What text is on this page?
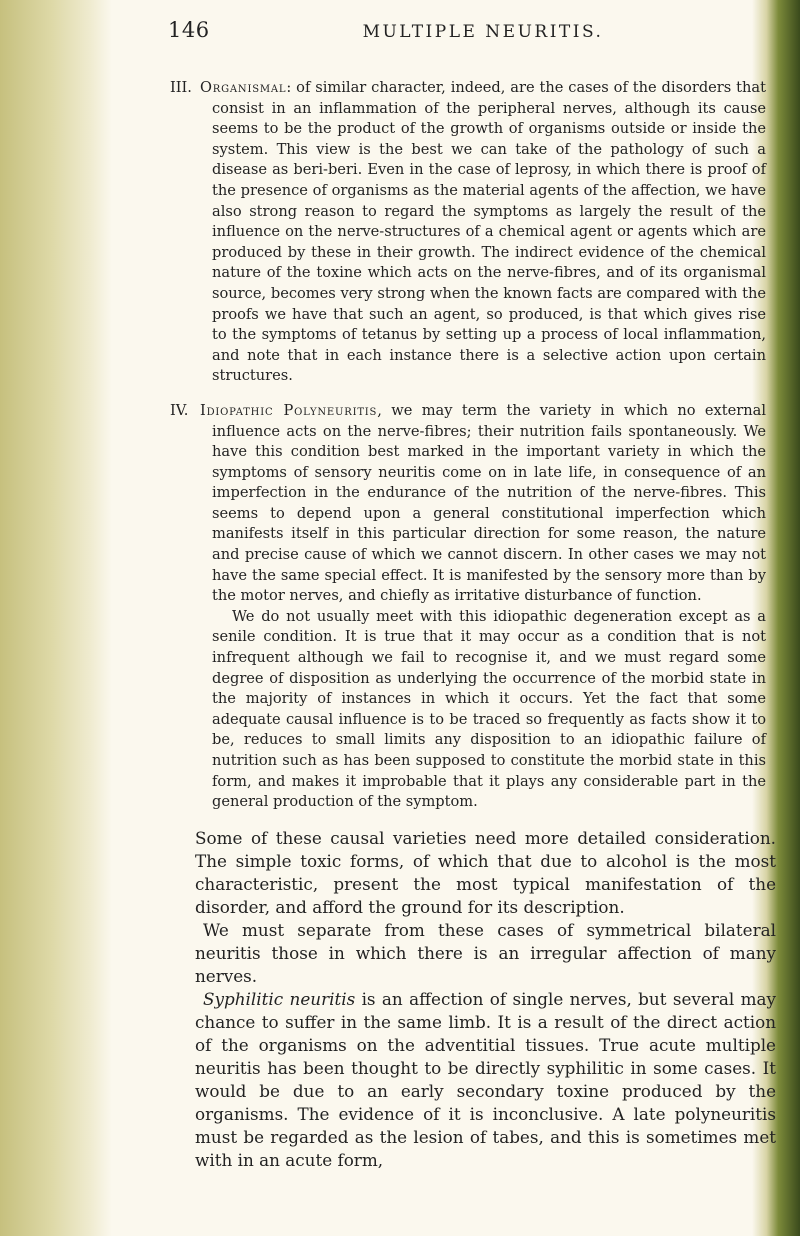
146	MULTIPLE NEURITIS.
III. Organismal: of similar character, indeed, are the cases of the disorders that consist in an inflammation of the peripheral nerves, although its cause seems to be the product of the growth of organisms outside or inside the system. This view is the best we can take of the pathology of such a disease as beri-beri. Even in the case of leprosy, in which there is proof of the presence of organisms as the material agents of the affection, we have also strong reason to regard the symptoms as largely the result of the influence on the nerve-structures of a chemical agent or agents which are produced by these in their growth. The indirect evidence of the chemical nature of the toxine which acts on the nerve-fibres, and of its organismal source, becomes very strong when the known facts are compared with the proofs we have that such an agent, so produced, is that which gives rise to the symptoms of tetanus by setting up a process of local inflammation, and note that in each instance there is a selective action upon certain structures.

IV. Idiopathic Polyneuritis, we may term the variety in which no external influence acts on the nerve-fibres; their nutrition fails spontaneously. We have this condition best marked in the important variety in which the symptoms of sensory neuritis come on in late life, in consequence of an imperfection in the endurance of the nutrition of the nerve-fibres. This seems to depend upon a general constitutional imperfection which manifests itself in this particular direction for some reason, the nature and precise cause of which we cannot discern. In other cases we may not have the same special effect. It is manifested by the sensory more than by the motor nerves, and chiefly as irritative disturbance of function.

We do not usually meet with this idiopathic degeneration except as a senile condition. It is true that it may occur as a condition that is not infrequent although we fail to recognise it, and we must regard some degree of disposition as underlying the occurrence of the morbid state in the majority of instances in which it occurs. Yet the fact that some adequate causal influence is to be traced so frequently as facts show it to be, reduces to small limits any disposition to an idiopathic failure of nutrition such as has been supposed to constitute the morbid state in this form, and makes it improbable that it plays any considerable part in the general production of the symptom.

Some of these causal varieties need more detailed consideration. The simple toxic forms, of which that due to alcohol is the most characteristic, present the most typical manifestation of the disorder, and afford the ground for its description.

We must separate from these cases of symmetrical bilateral neuritis those in which there is an irregular affection of many nerves.

Syphilitic neuritis is an affection of single nerves, but several may chance to suffer in the same limb. It is a result of the direct action of the organisms on the adventitial tissues. True acute multiple neuritis has been thought to be directly syphilitic in some cases. It would be due to an early secondary toxine produced by the organisms. The evidence of it is inconclusive. A late polyneuritis must be regarded as the lesion of tabes, and this is sometimes met with in an acute form,
